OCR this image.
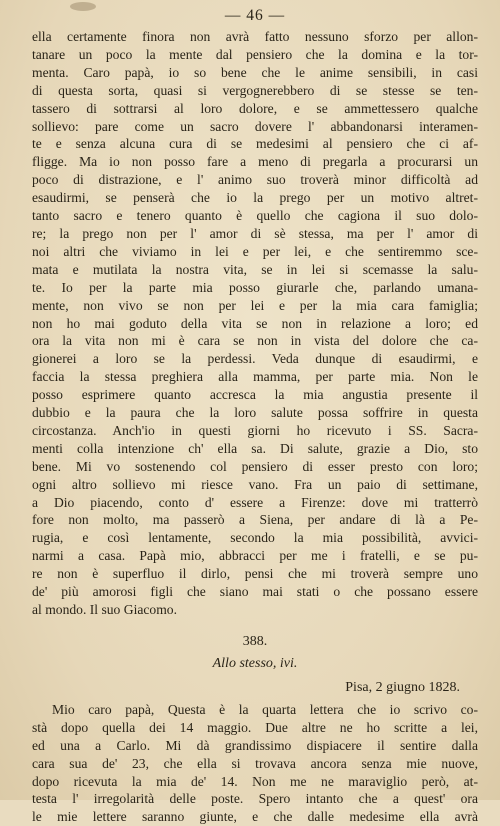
— 46 —
ella certamente finora non avrà fatto nessuno sforzo per allon-
tanare un poco la mente dal pensiero che la domina e la tor-
menta. Caro papà, io so bene che le anime sensibili, in casi
di questa sorta, quasi si vergognerebbero di se stesse se ten-
tassero di sottrarsi al loro dolore, e se ammettessero qualche
sollievo: pare come un sacro dovere l' abbandonarsi interamen-
te e senza alcuna cura di se medesimi al pensiero che ci af-
fligge. Ma io non posso fare a meno di pregarla a procurarsi un
poco di distrazione, e l' animo suo troverà minor difficoltà ad
esaudirmi, se penserà che io la prego per un motivo altret-
tanto sacro e tenero quanto è quello che cagiona il suo dolo-
re; la prego non per l' amor di sè stessa, ma per l' amor di
noi altri che viviamo in lei e per lei, e che sentiremmo sce-
mata e mutilata la nostra vita, se in lei si scemasse la salu-
te. Io per la parte mia posso giurarle che, parlando umana-
mente, non vivo se non per lei e per la mia cara famiglia;
non ho mai goduto della vita se non in relazione a loro; ed
ora la vita non mi è cara se non in vista del dolore che ca-
gionerei a loro se la perdessi. Veda dunque di esaudirmi, e
faccia la stessa preghiera alla mamma, per parte mia. Non le
posso esprimere quanto accresca la mia angustia presente il
dubbio e la paura che la loro salute possa soffrire in questa
circostanza. Anch'io in questi giorni ho ricevuto i SS. Sacra-
menti colla intenzione ch' ella sa. Di salute, grazie a Dio, sto
bene. Mi vo sostenendo col pensiero di esser presto con loro;
ogni altro sollievo mi riesce vano. Fra un paio di settimane,
a Dio piacendo, conto d' essere a Firenze: dove mi tratterrò
fore non molto, ma passerò a Siena, per andare di là a Pe-
rugia, e così lentamente, secondo la mia possibilità, avvici-
narmi a casa. Papà mio, abbracci per me i fratelli, e se pu-
re non è superfluo il dirlo, pensi che mi troverà sempre uno
de' più amorosi figli che siano mai stati o che possano essere
al mondo. Il suo Giacomo.
388.
Allo stesso, ivi.
Pisa, 2 giugno 1828.
Mio caro papà, Questa è la quarta lettera che io scrivo co-
stà dopo quella dei 14 maggio. Due altre ne ho scritte a lei,
ed una a Carlo. Mi dà grandissimo dispiacere il sentire dalla
cara sua de' 23, che ella si trovava ancora senza mie nuove,
dopo ricevuta la mia de' 14. Non me ne maraviglio però, at-
testa l' irregolarità delle poste. Spero intanto che a quest' ora
le mie lettere saranno giunte, e che dalle medesime ella avrà
